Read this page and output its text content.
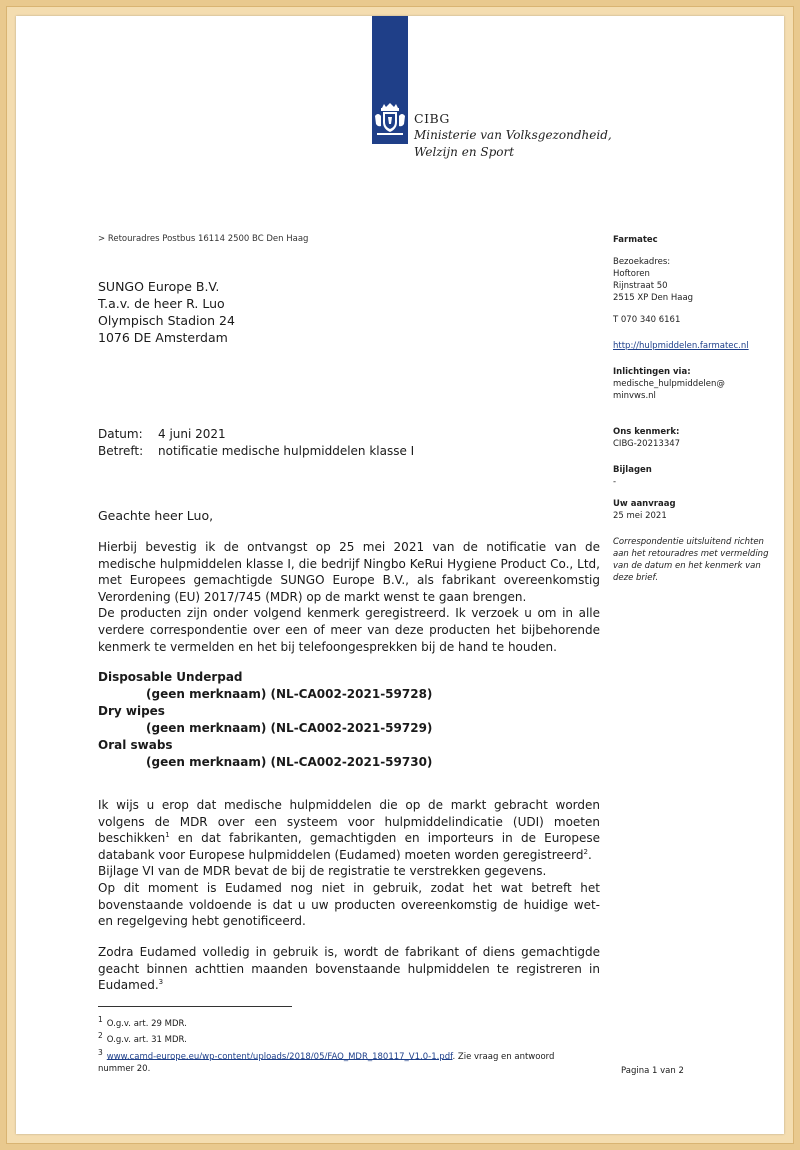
CIBG
Ministerie van Volksgezondheid,
Welzijn en Sport
> Retouradres Postbus 16114 2500 BC Den Haag
SUNGO Europe B.V.
T.a.v. de heer R. Luo
Olympisch Stadion 24
1076 DE Amsterdam
Farmatec
Bezoekadres:
Hoftoren
Rijnstraat 50
2515 XP Den Haag
T 070 340 6161
http://hulpmiddelen.farmatec.nl
Inlichtingen via:
medische_hulpmiddelen@
minvws.nl
Ons kenmerk:
CIBG-20213347
Bijlagen
-
Uw aanvraag
25 mei 2021
Correspondentie uitsluitend richten aan het retouradres met vermelding van de datum en het kenmerk van deze brief.
Datum: 4 juni 2021
Betreft: notificatie medische hulpmiddelen klasse I
Geachte heer Luo,
Hierbij bevestig ik de ontvangst op 25 mei 2021 van de notificatie van de medische hulpmiddelen klasse I, die bedrijf Ningbo KeRui Hygiene Product Co., Ltd, met Europees gemachtigde SUNGO Europe B.V., als fabrikant overeenkomstig Verordening (EU) 2017/745 (MDR) op de markt wenst te gaan brengen.
De producten zijn onder volgend kenmerk geregistreerd. Ik verzoek u om in alle verdere correspondentie over een of meer van deze producten het bijbehorende kenmerk te vermelden en het bij telefoongesprekken bij de hand te houden.
Disposable Underpad
(geen merknaam) (NL-CA002-2021-59728)
Dry wipes
(geen merknaam) (NL-CA002-2021-59729)
Oral swabs
(geen merknaam) (NL-CA002-2021-59730)
Ik wijs u erop dat medische hulpmiddelen die op de markt gebracht worden volgens de MDR over een systeem voor hulpmiddelindicatie (UDI) moeten beschikken$^1$ en dat fabrikanten, gemachtigden en importeurs in de Europese databank voor Europese hulpmiddelen (Eudamed) moeten worden geregistreerd$^2$.
Bijlage VI van de MDR bevat de bij de registratie te verstrekken gegevens.
Op dit moment is Eudamed nog niet in gebruik, zodat het wat betreft het bovenstaande voldoende is dat u uw producten overeenkomstig de huidige wet- en regelgeving hebt genotificeerd.
Zodra Eudamed volledig in gebruik is, wordt de fabrikant of diens gemachtigde geacht binnen achttien maanden bovenstaande hulpmiddelen te registreren in Eudamed.$^3$
1 O.g.v. art. 29 MDR.
2 O.g.v. art. 31 MDR.
3 www.camd-europe.eu/wp-content/uploads/2018/05/FAQ_MDR_180117_V1.0-1.pdf. Zie vraag en antwoord nummer 20.	Pagina 1 van 2
